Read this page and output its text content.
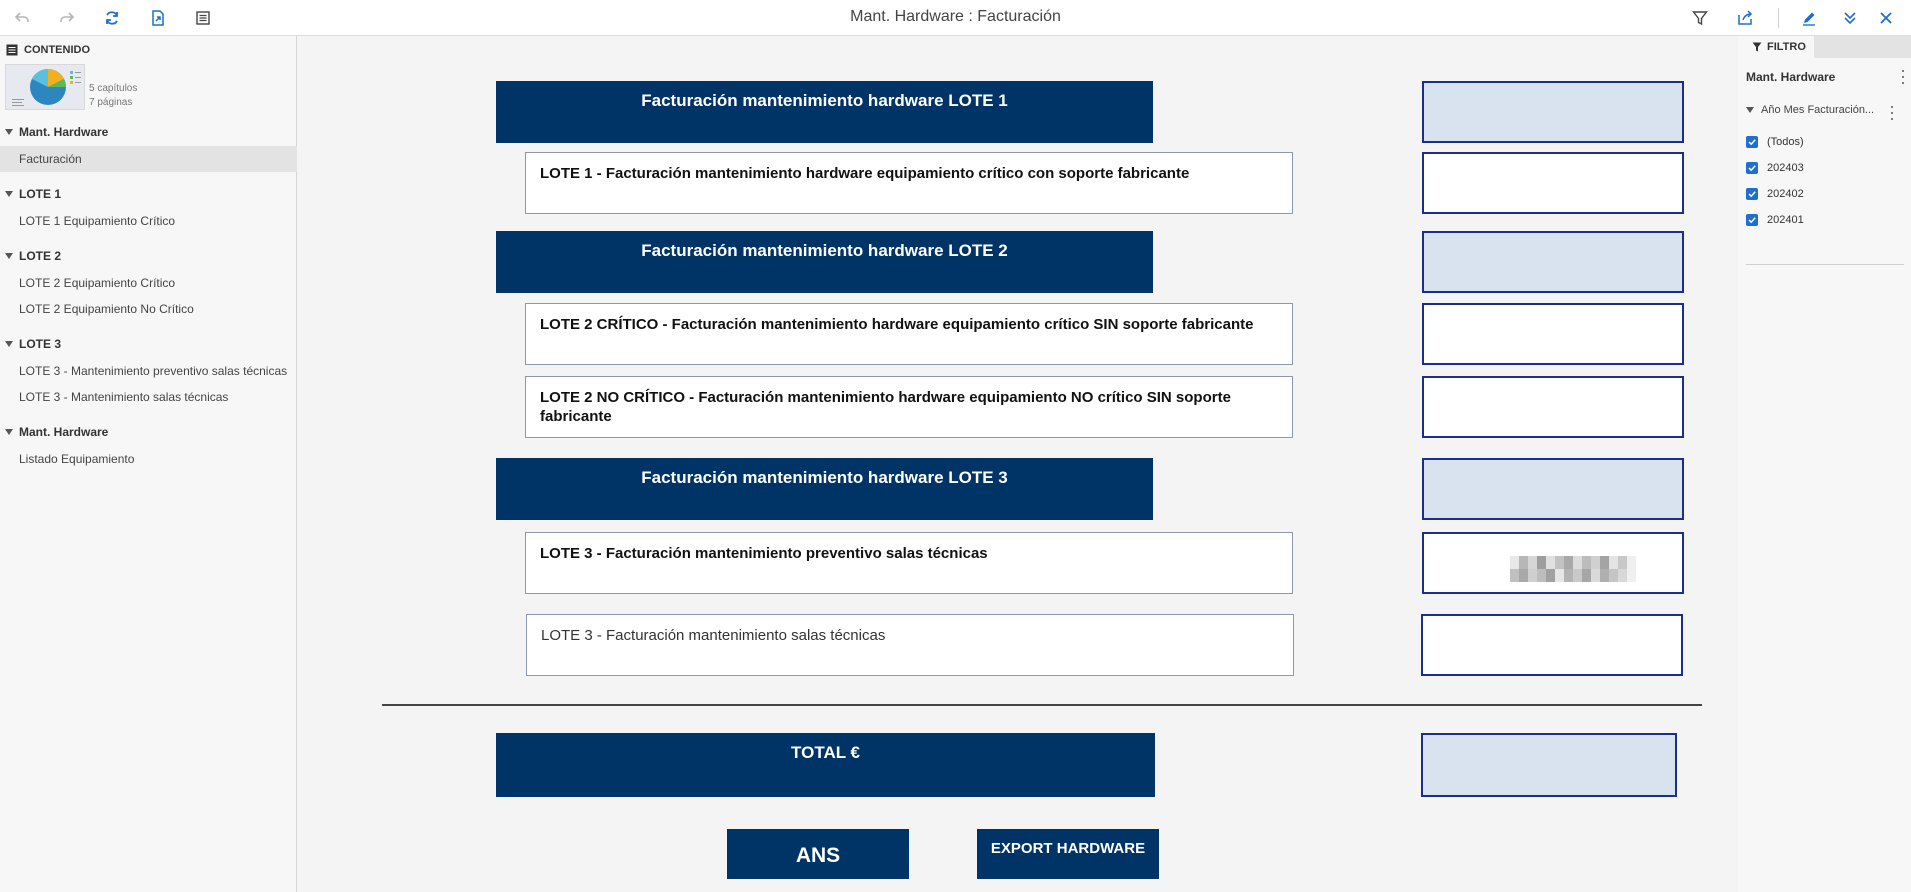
Mant. Hardware : Facturación
CONTENIDO
5 capítulos
7 páginas
Mant. Hardware
Facturación
LOTE 1
LOTE 1 Equipamiento Crítico
LOTE 2
LOTE 2 Equipamiento Crítico
LOTE 2 Equipamiento No Crítico
LOTE 3
LOTE 3 - Mantenimiento preventivo salas técnicas
LOTE 3 - Mantenimiento salas técnicas
Mant. Hardware
Listado Equipamiento
Facturación mantenimiento hardware LOTE 1
LOTE 1 - Facturación mantenimiento hardware equipamiento crítico con soporte fabricante
Facturación mantenimiento hardware LOTE 2
LOTE 2 CRÍTICO - Facturación mantenimiento hardware equipamiento crítico SIN soporte fabricante
LOTE 2 NO CRÍTICO - Facturación mantenimiento hardware equipamiento NO crítico SIN soporte fabricante
Facturación mantenimiento hardware LOTE 3
LOTE 3 - Facturación mantenimiento preventivo salas técnicas
LOTE 3 - Facturación mantenimiento salas técnicas
TOTAL €
ANS	EXPORT HARDWARE
FILTRO
Mant. Hardware
Año Mes Facturación...
(Todos)
202403
202402
202401
